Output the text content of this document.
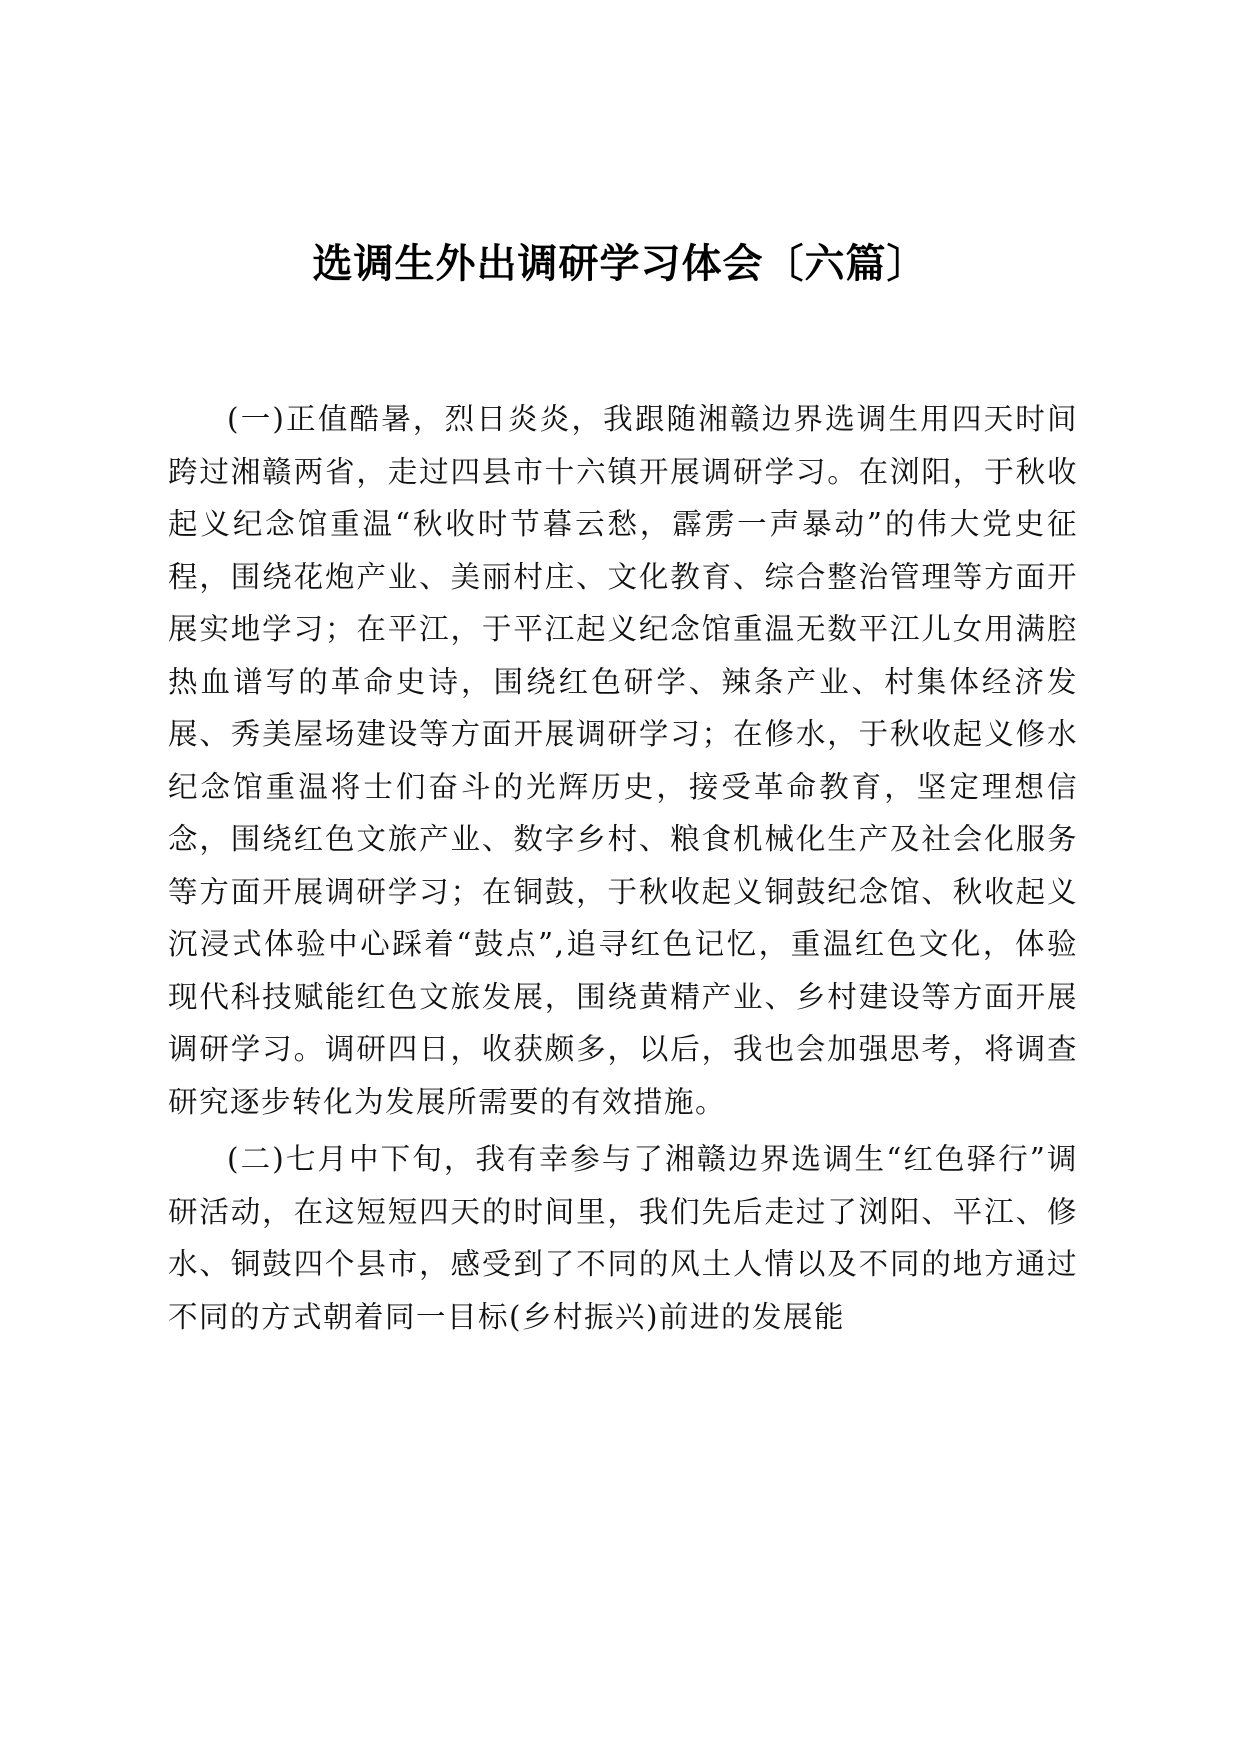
选调生外出调研学习体会〔六篇〕

(一)正值酷暑，烈日炎炎，我跟随湘赣边界选调生用四天时间跨过湘赣两省，走过四县市十六镇开展调研学习。在浏阳，于秋收起义纪念馆重温“秋收时节暮云愁，霹雳一声暴动”的伟大党史征程，围绕花炮产业、美丽村庄、文化教育、综合整治管理等方面开展实地学习；在平江，于平江起义纪念馆重温无数平江儿女用满腔热血谱写的革命史诗，围绕红色研学、辣条产业、村集体经济发展、秀美屋场建设等方面开展调研学习；在修水，于秋收起义修水纪念馆重温将士们奋斗的光辉历史，接受革命教育，坚定理想信念，围绕红色文旅产业、数字乡村、粮食机械化生产及社会化服务等方面开展调研学习；在铜鼓，于秋收起义铜鼓纪念馆、秋收起义沉浸式体验中心踩着“鼓点”,追寻红色记忆，重温红色文化，体验现代科技赋能红色文旅发展，围绕黄精产业、乡村建设等方面开展调研学习。调研四日，收获颇多，以后，我也会加强思考，将调查研究逐步转化为发展所需要的有效措施。

(二)七月中下旬，我有幸参与了湘赣边界选调生“红色驿行”调研活动，在这短短四天的时间里，我们先后走过了浏阳、平江、修水、铜鼓四个县市，感受到了不同的风土人情以及不同的地方通过不同的方式朝着同一目标(乡村振兴)前进的发展能
